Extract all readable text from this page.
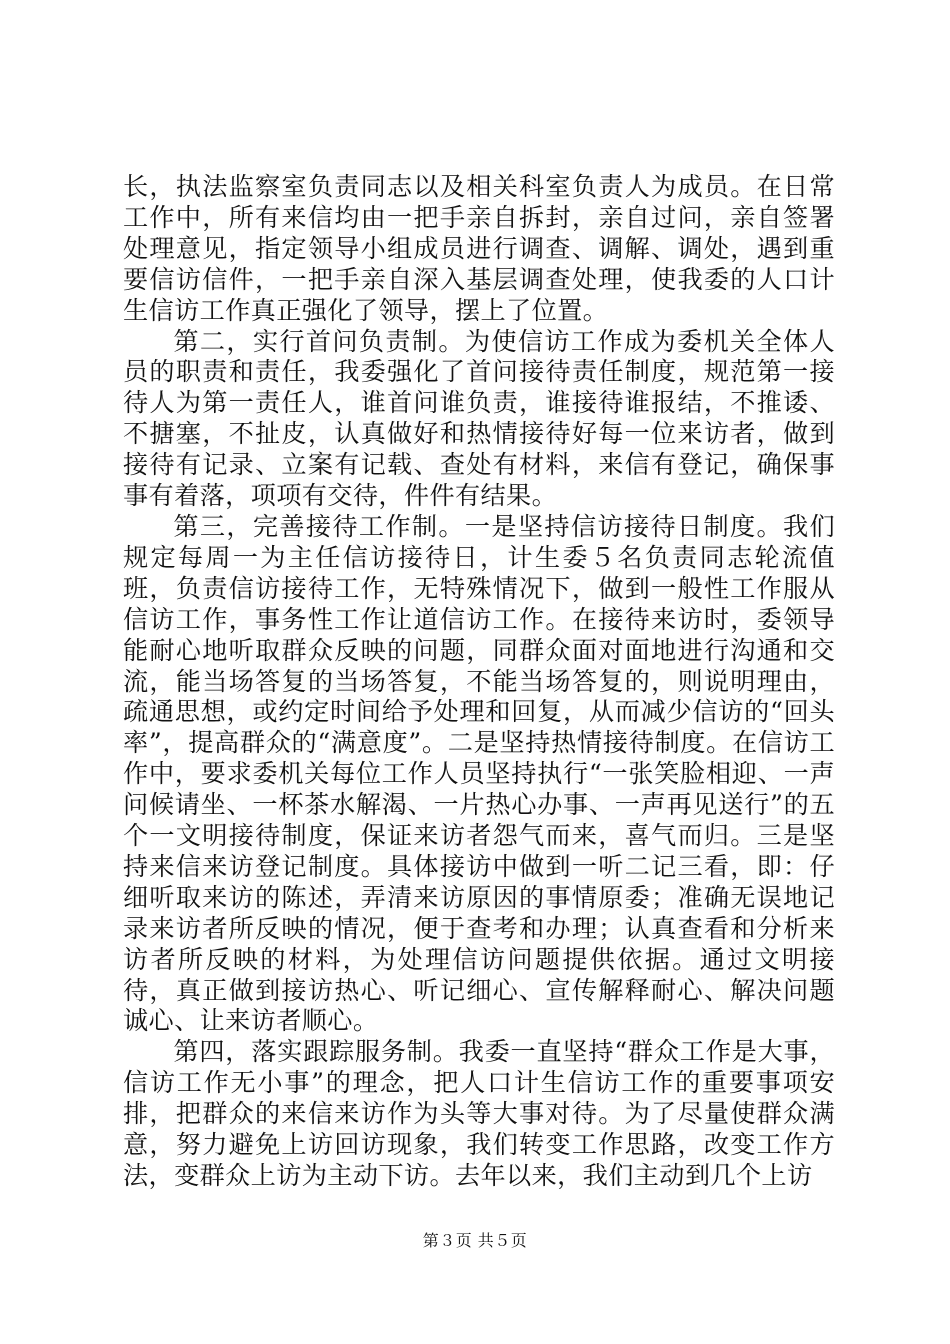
长，执法监察室负责同志以及相关科室负责人为成员。在日常工作中，所有来信均由一把手亲自拆封，亲自过问，亲自签署处理意见，指定领导小组成员进行调查、调解、调处，遇到重要信访信件，一把手亲自深入基层调查处理，使我委的人口计生信访工作真正强化了领导，摆上了位置。

第二，实行首问负责制。为使信访工作成为委机关全体人员的职责和责任，我委强化了首问接待责任制度，规范第一接待人为第一责任人，谁首问谁负责，谁接待谁报结，不推诿、不搪塞，不扯皮，认真做好和热情接待好每一位来访者，做到接待有记录、立案有记载、查处有材料，来信有登记，确保事事有着落，项项有交待，件件有结果。

第三，完善接待工作制。一是坚持信访接待日制度。我们规定每周一为主任信访接待日，计生委５名负责同志轮流值班，负责信访接待工作，无特殊情况下，做到一般性工作服从信访工作，事务性工作让道信访工作。在接待来访时，委领导能耐心地听取群众反映的问题，同群众面对面地进行沟通和交流，能当场答复的当场答复，不能当场答复的，则说明理由，疏通思想，或约定时间给予处理和回复，从而减少信访的“回头率”，提高群众的“满意度”。二是坚持热情接待制度。在信访工作中，要求委机关每位工作人员坚持执行“一张笑脸相迎、一声问候请坐、一杯茶水解渴、一片热心办事、一声再见送行”的五个一文明接待制度，保证来访者怨气而来，喜气而归。三是坚持来信来访登记制度。具体接访中做到一听二记三看，即：仔细听取来访的陈述，弄清来访原因的事情原委；准确无误地记录来访者所反映的情况，便于查考和办理；认真查看和分析来访者所反映的材料，为处理信访问题提供依据。通过文明接待，真正做到接访热心、听记细心、宣传解释耐心、解决问题诚心、让来访者顺心。

第四，落实跟踪服务制。我委一直坚持“群众工作是大事，信访工作无小事”的理念，把人口计生信访工作的重要事项安排，把群众的来信来访作为头等大事对待。为了尽量使群众满意，努力避免上访回访现象，我们转变工作思路，改变工作方法，变群众上访为主动下访。去年以来，我们主动到几个上访

第３页 共５页
